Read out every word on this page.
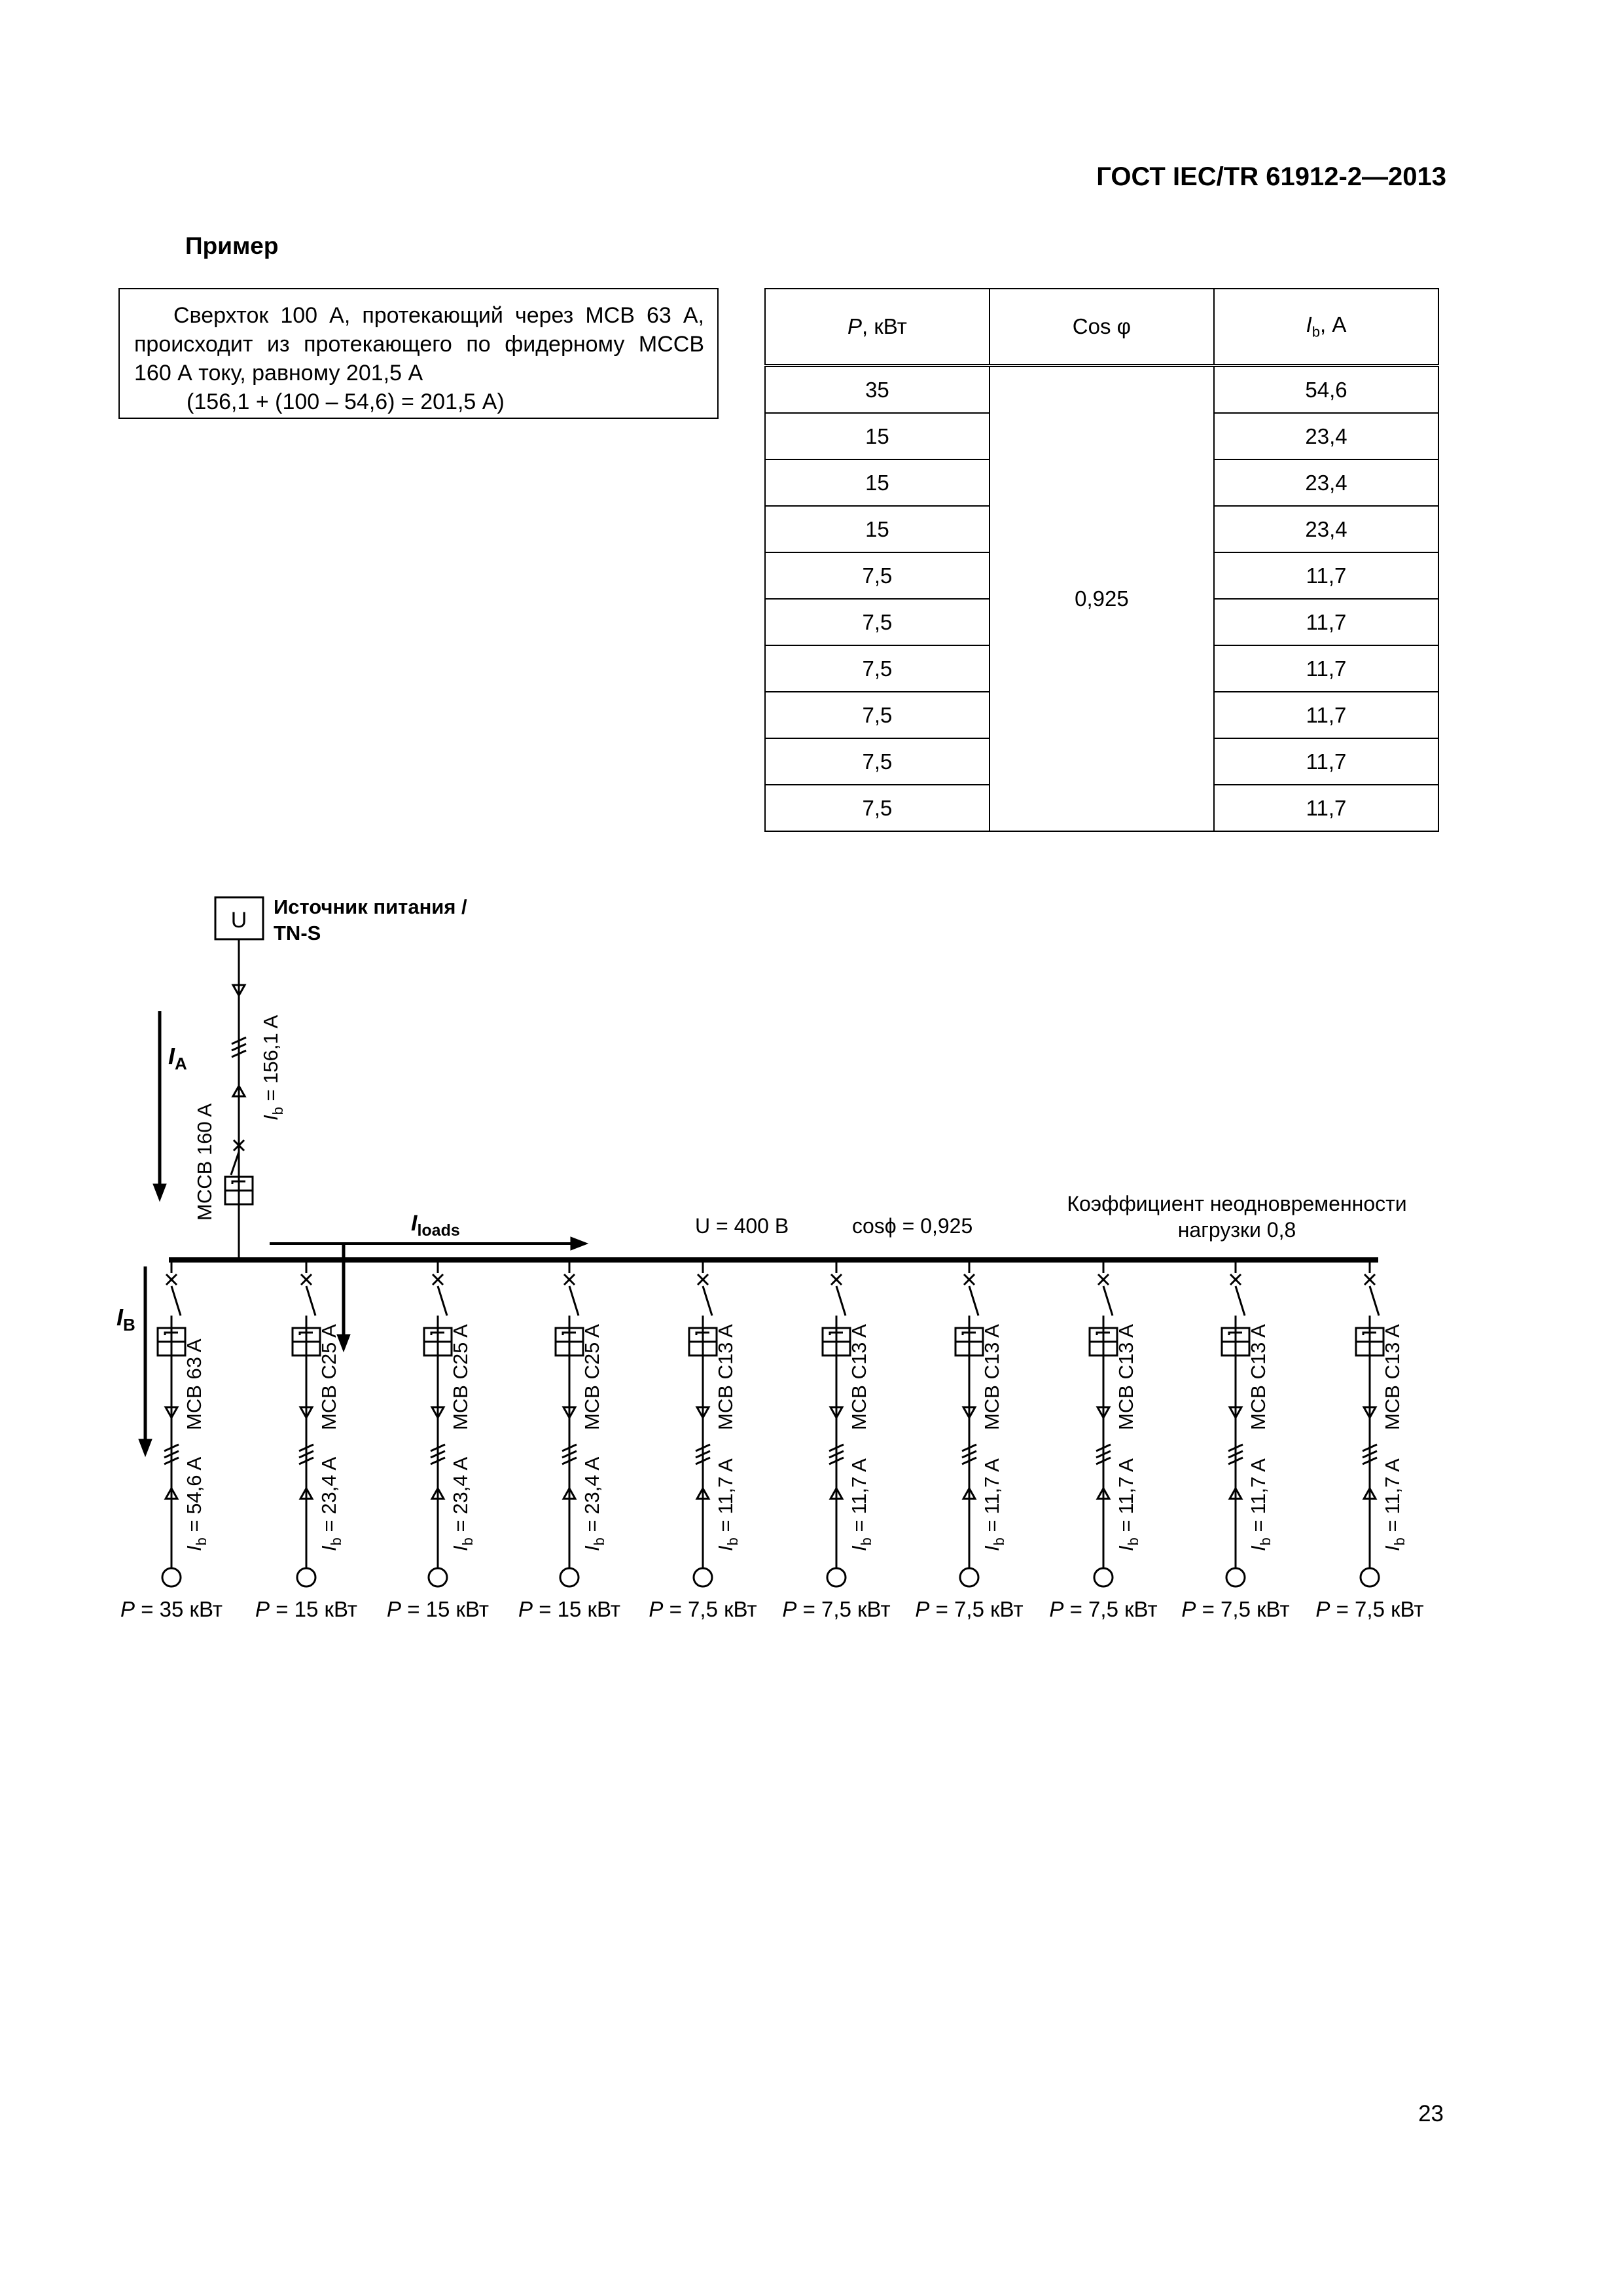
ГОСТ IEC/TR 61912-2—2013
Пример
Сверхток 100 А, протекающий через МСВ 63 А, происходит из протекающего по фидерному МССВ 160 А току, равному 201,5 А
(156,1 + (100 – 54,6) = 201,5 А)
P, кВт	Cos φ	$I_b$, А
35	0,925	54,6
15		23,4
15		23,4
15		23,4
7,5		11,7
7,5		11,7
7,5		11,7
7,5		11,7
7,5		11,7
7,5		11,7
U
Источник питания /
TN-S
MCCB 160 A $I_b = 156,1$ A
$I_A$
U = 400 В	cosϕ = 0,925
Коэффициент неодновременности
нагрузки 0,8
$I_{loads}$
$I_B$
MCB 63 A
$I_b = 54,6$ A
P = 35 кВт
MCB C25 A
$I_b = 23,4$ A
P = 15 кВт
MCB C25 A
$I_b = 23,4$ A
P = 15 кВт
MCB C25 A
$I_b = 23,4$ A
P = 15 кВт
MCB C13 A
$I_b = 11,7$ A
P = 7,5 кВт
MCB C13 A
$I_b = 11,7$ A
P = 7,5 кВт
MCB C13 A
$I_b = 11,7$ A
P = 7,5 кВт
MCB C13 A
$I_b = 11,7$ A
P = 7,5 кВт
MCB C13 A
$I_b = 11,7$ A
P = 7,5 кВт
MCB C13 A
$I_b = 11,7$ A
P = 7,5 кВт
23
